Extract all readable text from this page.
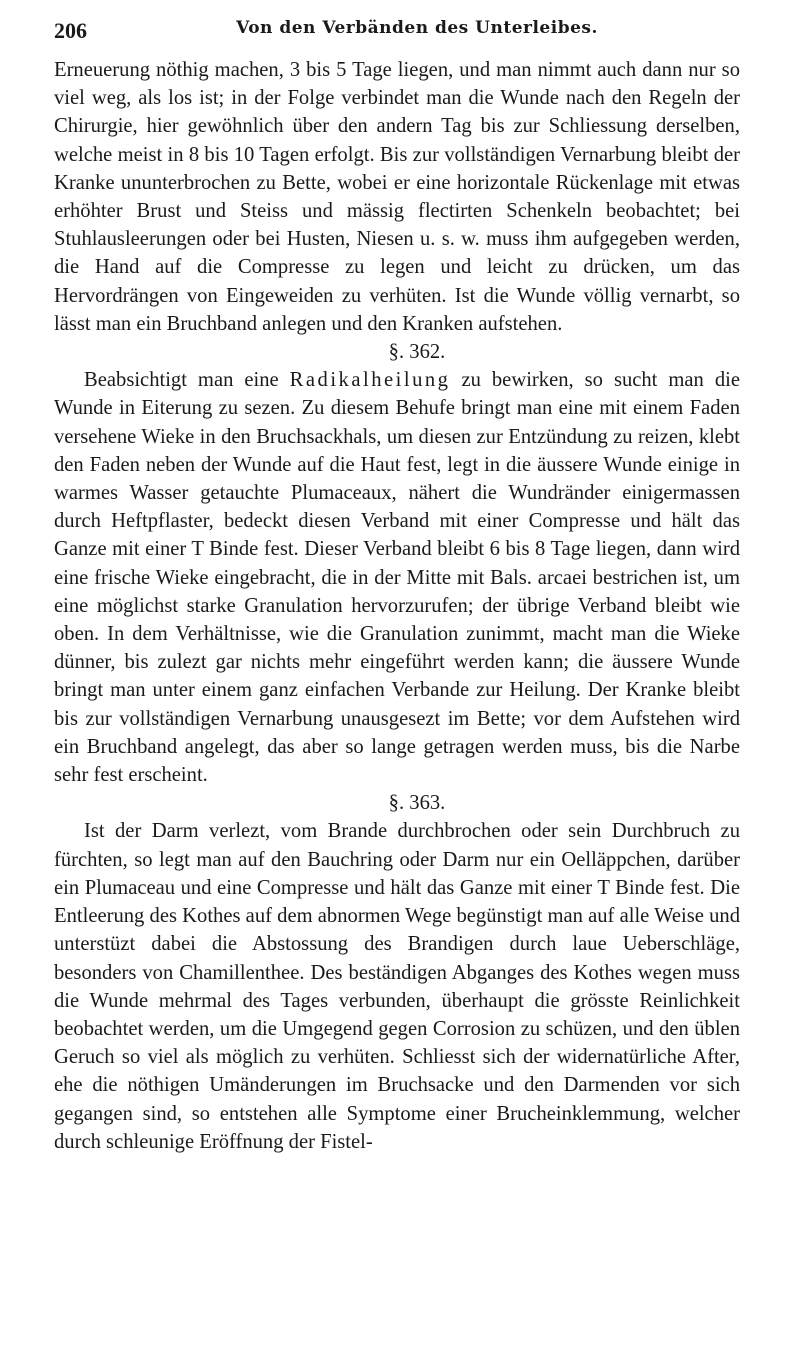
206	Von den Verbänden des Unterleibes.

Erneuerung nöthig machen, 3 bis 5 Tage liegen, und man nimmt auch dann nur so viel weg, als los ist; in der Folge verbindet man die Wunde nach den Regeln der Chirurgie, hier gewöhnlich über den andern Tag bis zur Schliessung derselben, welche meist in 8 bis 10 Tagen erfolgt. Bis zur vollständigen Vernarbung bleibt der Kranke ununterbrochen zu Bette, wobei er eine horizontale Rückenlage mit etwas erhöhter Brust und Steiss und mässig flectirten Schenkeln beobachtet; bei Stuhlausleerungen oder bei Husten, Niesen u. s. w. muss ihm aufgegeben werden, die Hand auf die Compresse zu legen und leicht zu drücken, um das Hervordrängen von Eingeweiden zu verhüten. Ist die Wunde völlig vernarbt, so lässt man ein Bruchband anlegen und den Kranken aufstehen.

§. 362.

Beabsichtigt man eine Radikalheilung zu bewirken, so sucht man die Wunde in Eiterung zu sezen. Zu diesem Behufe bringt man eine mit einem Faden versehene Wieke in den Bruchsackhals, um diesen zur Entzündung zu reizen, klebt den Faden neben der Wunde auf die Haut fest, legt in die äussere Wunde einige in warmes Wasser getauchte Plumaceaux, nähert die Wundränder einigermassen durch Heftpflaster, bedeckt diesen Verband mit einer Compresse und hält das Ganze mit einer T Binde fest. Dieser Verband bleibt 6 bis 8 Tage liegen, dann wird eine frische Wieke eingebracht, die in der Mitte mit Bals. arcaei bestrichen ist, um eine möglichst starke Granulation hervorzurufen; der übrige Verband bleibt wie oben. In dem Verhältnisse, wie die Granulation zunimmt, macht man die Wieke dünner, bis zulezt gar nichts mehr eingeführt werden kann; die äussere Wunde bringt man unter einem ganz einfachen Verbande zur Heilung. Der Kranke bleibt bis zur vollständigen Vernarbung unausgesezt im Bette; vor dem Aufstehen wird ein Bruchband angelegt, das aber so lange getragen werden muss, bis die Narbe sehr fest erscheint.

§. 363.

Ist der Darm verlezt, vom Brande durchbrochen oder sein Durchbruch zu fürchten, so legt man auf den Bauchring oder Darm nur ein Oelläppchen, darüber ein Plumaceau und eine Compresse und hält das Ganze mit einer T Binde fest. Die Entleerung des Kothes auf dem abnormen Wege begünstigt man auf alle Weise und unterstüzt dabei die Abstossung des Brandigen durch laue Ueberschläge, besonders von Chamillenthee. Des beständigen Abganges des Kothes wegen muss die Wunde mehrmal des Tages verbunden, überhaupt die grösste Reinlichkeit beobachtet werden, um die Umgegend gegen Corrosion zu schüzen, und den üblen Geruch so viel als möglich zu verhüten. Schliesst sich der widernatürliche After, ehe die nöthigen Umänderungen im Bruchsacke und den Darmenden vor sich gegangen sind, so entstehen alle Symptome einer Brucheinklemmung, welcher durch schleunige Eröffnung der Fistel-
